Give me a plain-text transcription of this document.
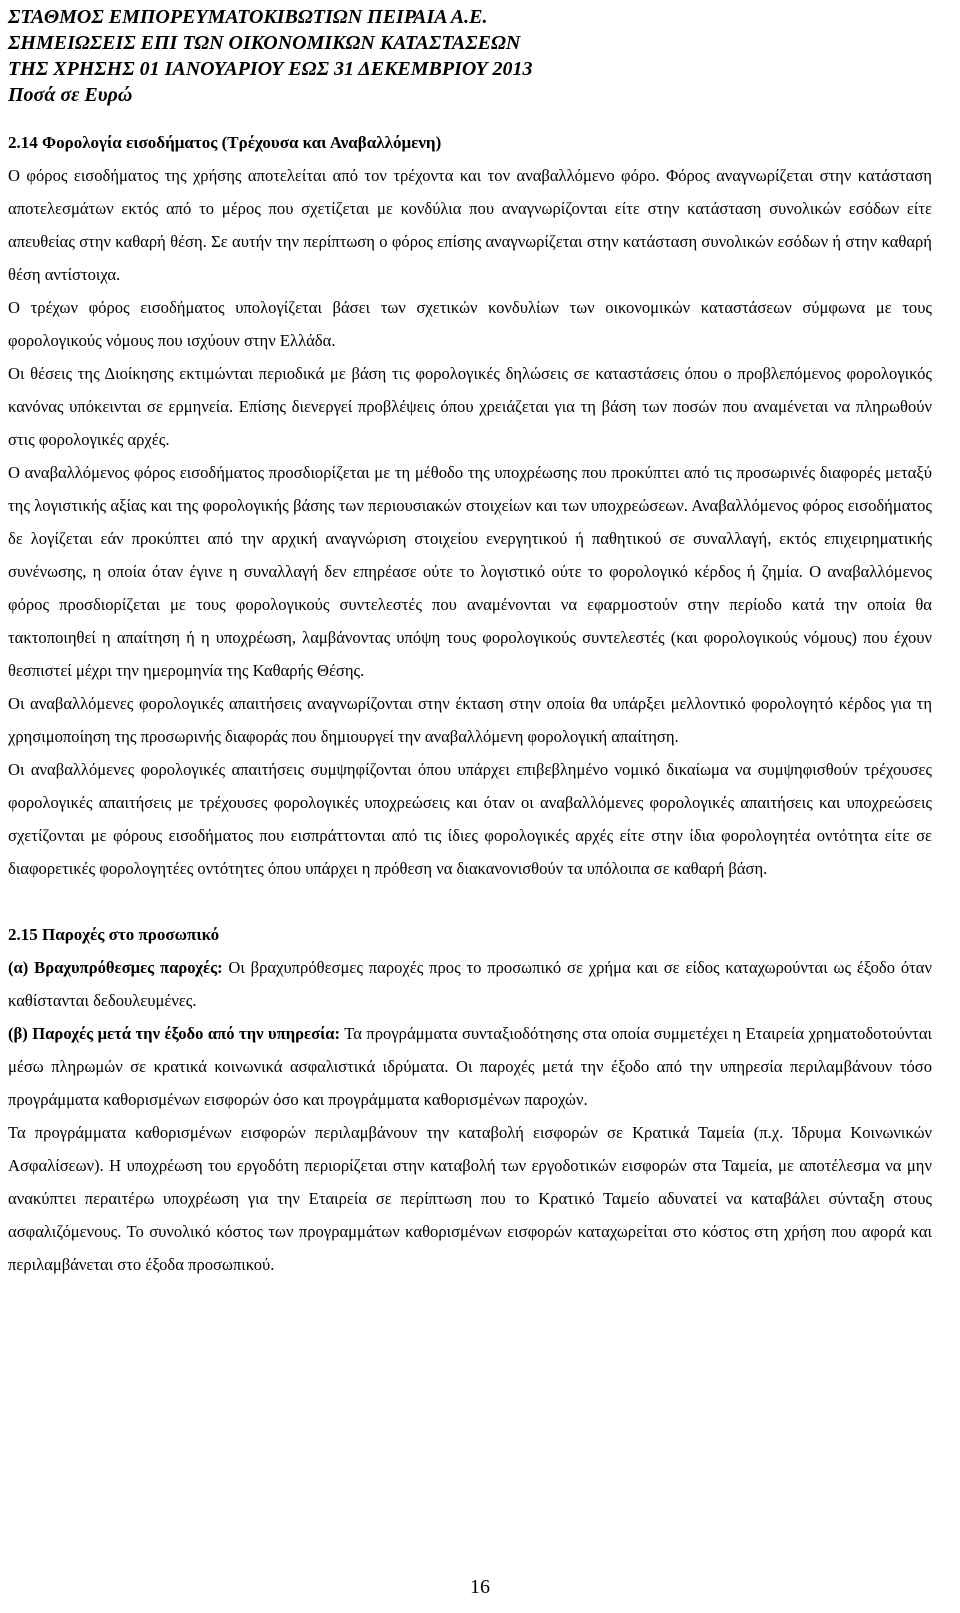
ΣΤΑΘΜΟΣ ΕΜΠΟΡΕΥΜΑΤΟΚΙΒΩΤΙΩΝ ΠΕΙΡΑΙΑ Α.Ε.
ΣΗΜΕΙΩΣΕΙΣ ΕΠΙ ΤΩΝ ΟΙΚΟΝΟΜΙΚΩΝ ΚΑΤΑΣΤΑΣΕΩΝ
ΤΗΣ ΧΡΗΣΗΣ 01 ΙΑΝΟΥΑΡΙΟΥ ΕΩΣ 31 ΔΕΚΕΜΒΡΙΟΥ 2013
Ποσά σε Ευρώ

2.14 Φορολογία εισοδήματος (Τρέχουσα και Αναβαλλόμενη)

Ο φόρος εισοδήματος της χρήσης αποτελείται από τον τρέχοντα και τον αναβαλλόμενο φόρο. Φόρος αναγνωρίζεται στην κατάσταση αποτελεσμάτων εκτός από το μέρος που σχετίζεται με κονδύλια που αναγνωρίζονται είτε στην κατάσταση συνολικών εσόδων είτε απευθείας στην καθαρή θέση. Σε αυτήν την περίπτωση ο φόρος επίσης αναγνωρίζεται στην κατάσταση συνολικών εσόδων ή στην καθαρή θέση αντίστοιχα.

Ο τρέχων φόρος εισοδήματος υπολογίζεται βάσει των σχετικών κονδυλίων των οικονομικών καταστάσεων σύμφωνα με τους φορολογικούς νόμους που ισχύουν στην Ελλάδα.

Οι θέσεις της Διοίκησης εκτιμώνται περιοδικά με βάση τις φορολογικές δηλώσεις σε καταστάσεις όπου ο προβλεπόμενος φορολογικός κανόνας υπόκεινται σε ερμηνεία. Επίσης διενεργεί προβλέψεις όπου χρειάζεται για τη βάση των ποσών που αναμένεται να πληρωθούν στις φορολογικές αρχές.

Ο αναβαλλόμενος φόρος εισοδήματος προσδιορίζεται με τη μέθοδο της υποχρέωσης που προκύπτει από τις προσωρινές διαφορές μεταξύ της λογιστικής αξίας και της φορολογικής βάσης των περιουσιακών στοιχείων και των υποχρεώσεων. Αναβαλλόμενος φόρος εισοδήματος δε λογίζεται εάν προκύπτει από την αρχική αναγνώριση στοιχείου ενεργητικού ή παθητικού σε συναλλαγή, εκτός επιχειρηματικής συνένωσης, η οποία όταν έγινε η συναλλαγή δεν επηρέασε ούτε το λογιστικό ούτε το φορολογικό κέρδος ή ζημία. Ο αναβαλλόμενος φόρος προσδιορίζεται με τους φορολογικούς συντελεστές που αναμένονται να εφαρμοστούν στην περίοδο κατά την οποία θα τακτοποιηθεί η απαίτηση ή η υποχρέωση, λαμβάνοντας υπόψη τους φορολογικούς συντελεστές (και φορολογικούς νόμους) που έχουν θεσπιστεί μέχρι την ημερομηνία της Καθαρής Θέσης.

Οι αναβαλλόμενες φορολογικές απαιτήσεις αναγνωρίζονται στην έκταση στην οποία θα υπάρξει μελλοντικό φορολογητό κέρδος για τη χρησιμοποίηση της προσωρινής διαφοράς που δημιουργεί την αναβαλλόμενη φορολογική απαίτηση.

Οι αναβαλλόμενες φορολογικές απαιτήσεις συμψηφίζονται όπου υπάρχει επιβεβλημένο νομικό δικαίωμα να συμψηφισθούν τρέχουσες φορολογικές απαιτήσεις με τρέχουσες φορολογικές υποχρεώσεις και όταν οι αναβαλλόμενες φορολογικές απαιτήσεις και υποχρεώσεις σχετίζονται με φόρους εισοδήματος που εισπράττονται από τις ίδιες φορολογικές αρχές είτε στην ίδια φορολογητέα οντότητα είτε σε διαφορετικές φορολογητέες οντότητες όπου υπάρχει η πρόθεση να διακανονισθούν τα υπόλοιπα σε καθαρή βάση.

2.15 Παροχές στο προσωπικό

(α) Βραχυπρόθεσμες παροχές: Οι βραχυπρόθεσμες παροχές προς το προσωπικό σε χρήμα και σε είδος καταχωρούνται ως έξοδο όταν καθίστανται δεδουλευμένες.

(β) Παροχές μετά την έξοδο από την υπηρεσία: Τα προγράμματα συνταξιοδότησης στα οποία συμμετέχει η Εταιρεία χρηματοδοτούνται μέσω πληρωμών σε κρατικά κοινωνικά ασφαλιστικά ιδρύματα. Οι παροχές μετά την έξοδο από την υπηρεσία περιλαμβάνουν τόσο προγράμματα καθορισμένων εισφορών όσο και προγράμματα καθορισμένων παροχών.

Τα προγράμματα καθορισμένων εισφορών περιλαμβάνουν την καταβολή εισφορών σε Κρατικά Ταμεία (π.χ. Ίδρυμα Κοινωνικών Ασφαλίσεων). Η υποχρέωση του εργοδότη περιορίζεται στην καταβολή των εργοδοτικών εισφορών στα Ταμεία, με αποτέλεσμα να μην ανακύπτει περαιτέρω υποχρέωση για την Εταιρεία σε περίπτωση που το Κρατικό Ταμείο αδυνατεί να καταβάλει σύνταξη στους ασφαλιζόμενους. Το συνολικό κόστος των προγραμμάτων καθορισμένων εισφορών καταχωρείται στο κόστος στη χρήση που αφορά και περιλαμβάνεται στο έξοδα προσωπικού.

16
